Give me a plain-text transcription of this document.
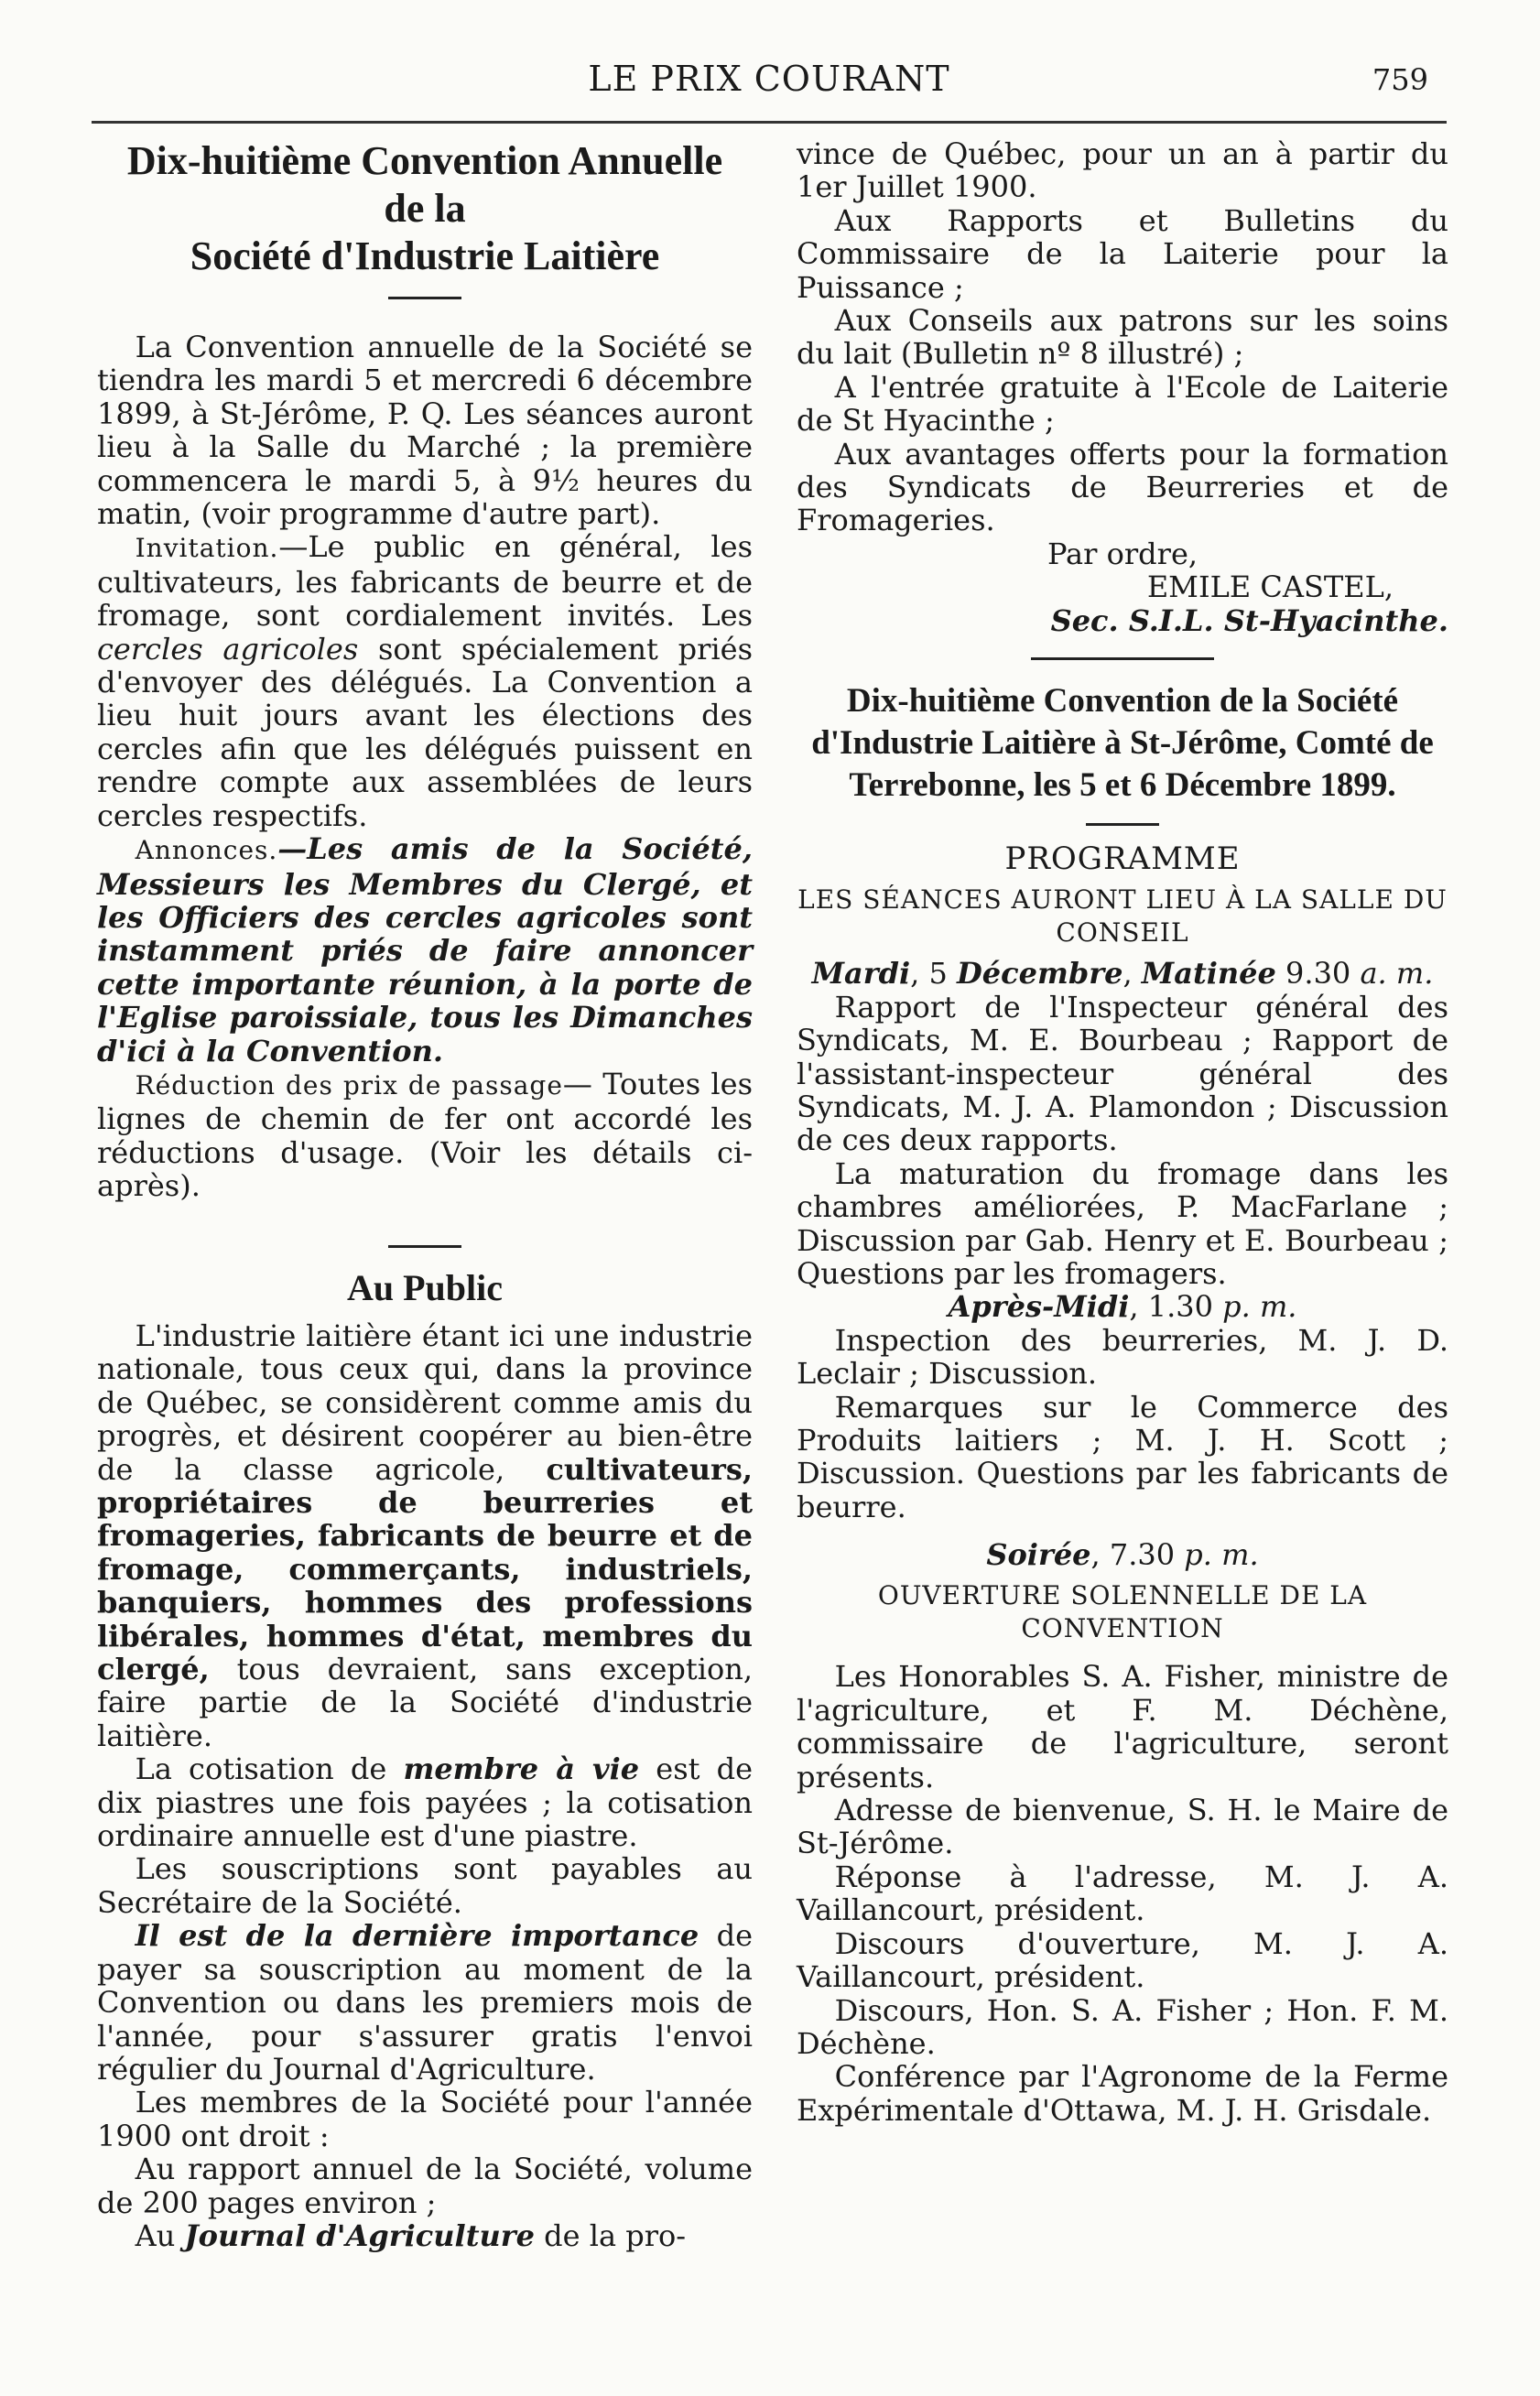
LE PRIX COURANT	759
Dix-huitième Convention Annuelle
de la
Société d'Industrie Laitière

La Convention annuelle de la Société se tiendra les mardi 5 et mercredi 6 décembre 1899, à St-Jérôme, P. Q. Les séances auront lieu à la Salle du Marché ; la première commencera le mardi 5, à 9½ heures du matin, (voir programme d'autre part).

Invitation.—Le public en général, les cultivateurs, les fabricants de beurre et de fromage, sont cordialement invités. Les cercles agricoles sont spécialement priés d'envoyer des délégués. La Convention a lieu huit jours avant les élections des cercles afin que les délégués puissent en rendre compte aux assemblées de leurs cercles respectifs.

Annonces.—Les amis de la Société, Messieurs les Membres du Clergé, et les Officiers des cercles agricoles sont instamment priés de faire annoncer cette importante réunion, à la porte de l'Eglise paroissiale, tous les Dimanches d'ici à la Convention.

Réduction des prix de passage— Toutes les lignes de chemin de fer ont accordé les réductions d'usage. (Voir les détails ci-après).

Au Public

L'industrie laitière étant ici une industrie nationale, tous ceux qui, dans la province de Québec, se considèrent comme amis du progrès, et désirent coopérer au bien-être de la classe agricole, cultivateurs, propriétaires de beurreries et fromageries, fabricants de beurre et de fromage, commerçants, industriels, banquiers, hommes des professions libérales, hommes d'état, membres du clergé, tous devraient, sans exception, faire partie de la Société d'industrie laitière.

La cotisation de membre à vie est de dix piastres une fois payées ; la cotisation ordinaire annuelle est d'une piastre.

Les souscriptions sont payables au Secrétaire de la Société.

Il est de la dernière importance de payer sa souscription au moment de la Convention ou dans les premiers mois de l'année, pour s'assurer gratis l'envoi régulier du Journal d'Agriculture.

Les membres de la Société pour l'année 1900 ont droit :

Au rapport annuel de la Société, volume de 200 pages environ ;

Au Journal d'Agriculture de la pro-

vince de Québec, pour un an à partir du 1er Juillet 1900.

Aux Rapports et Bulletins du Commissaire de la Laiterie pour la Puissance ;

Aux Conseils aux patrons sur les soins du lait (Bulletin nº 8 illustré) ;

A l'entrée gratuite à l'Ecole de Laiterie de St Hyacinthe ;

Aux avantages offerts pour la formation des Syndicats de Beurreries et de Fromageries.

Par ordre,

EMILE CASTEL,

Sec. S.I.L. St-Hyacinthe.

Dix-huitième Convention de la Société d'Industrie Laitière à St-Jérôme, Comté de Terrebonne, les 5 et 6 Décembre 1899.

PROGRAMME

LES SÉANCES AURONT LIEU À LA SALLE DU CONSEIL

Mardi, 5 Décembre, Matinée 9.30 a. m.

Rapport de l'Inspecteur général des Syndicats, M. E. Bourbeau ; Rapport de l'assistant-inspecteur général des Syndicats, M. J. A. Plamondon ; Discussion de ces deux rapports.

La maturation du fromage dans les chambres améliorées, P. MacFarlane ; Discussion par Gab. Henry et E. Bourbeau ; Questions par les fromagers.

Après-Midi, 1.30 p. m.

Inspection des beurreries, M. J. D. Leclair ; Discussion.

Remarques sur le Commerce des Produits laitiers ; M. J. H. Scott ; Discussion. Questions par les fabricants de beurre.

Soirée, 7.30 p. m.

OUVERTURE SOLENNELLE DE LA CONVENTION

Les Honorables S. A. Fisher, ministre de l'agriculture, et F. M. Déchène, commissaire de l'agriculture, seront présents.

Adresse de bienvenue, S. H. le Maire de St-Jérôme.

Réponse à l'adresse, M. J. A. Vaillancourt, président.

Discours d'ouverture, M. J. A. Vaillancourt, président.

Discours, Hon. S. A. Fisher ; Hon. F. M. Déchène.

Conférence par l'Agronome de la Ferme Expérimentale d'Ottawa, M. J. H. Grisdale.
